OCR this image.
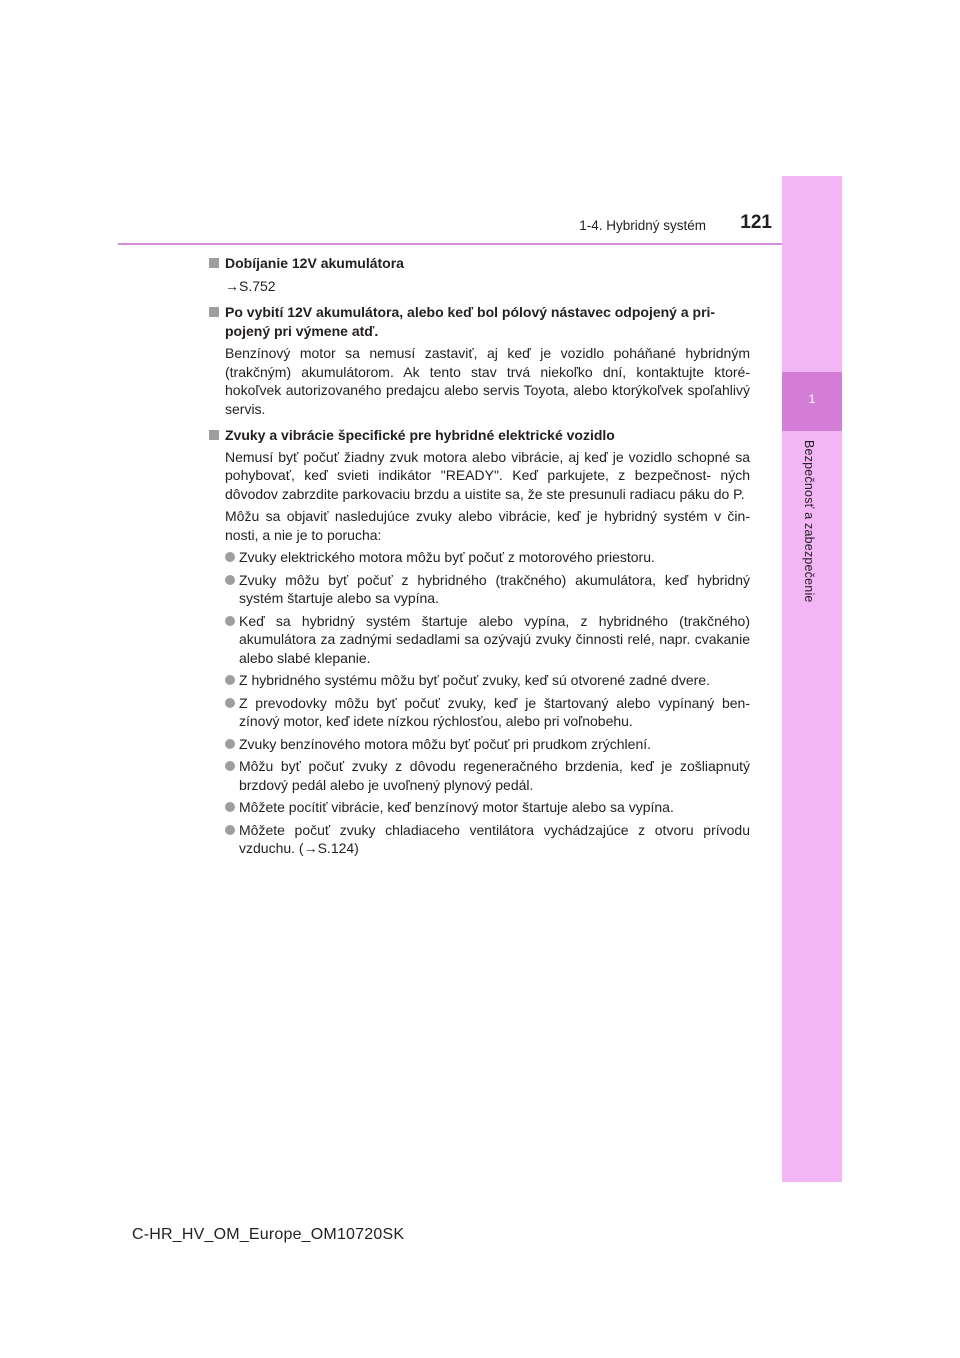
1-4. Hybridný systém 121
1
Bezpečnosť a zabezpečenie
Dobíjanie 12V akumulátora
→S.752
Po vybití 12V akumulátora, alebo keď bol pólový nástavec odpojený a pri- pojený pri výmene atď.
Benzínový motor sa nemusí zastaviť, aj keď je vozidlo poháňané hybridným (trakčným) akumulátorom. Ak tento stav trvá niekoľko dní, kontaktujte ktoré- hokoľvek autorizovaného predajcu alebo servis Toyota, alebo ktorýkoľvek spoľahlivý servis.
Zvuky a vibrácie špecifické pre hybridné elektrické vozidlo
Nemusí byť počuť žiadny zvuk motora alebo vibrácie, aj keď je vozidlo schopné sa pohybovať, keď svieti indikátor "READY". Keď parkujete, z bezpečnost- ných dôvodov zabrzdite parkovaciu brzdu a uistite sa, že ste presunuli radiacu páku do P.
Môžu sa objaviť nasledujúce zvuky alebo vibrácie, keď je hybridný systém v čin- nosti, a nie je to porucha:
Zvuky elektrického motora môžu byť počuť z motorového priestoru.
Zvuky môžu byť počuť z hybridného (trakčného) akumulátora, keď hybridný systém štartuje alebo sa vypína.
Keď sa hybridný systém štartuje alebo vypína, z hybridného (trakčného) akumulátora za zadnými sedadlami sa ozývajú zvuky činnosti relé, napr. cvakanie alebo slabé klepanie.
Z hybridného systému môžu byť počuť zvuky, keď sú otvorené zadné dvere.
Z prevodovky môžu byť počuť zvuky, keď je štartovaný alebo vypínaný ben- zínový motor, keď idete nízkou rýchlosťou, alebo pri voľnobehu.
Zvuky benzínového motora môžu byť počuť pri prudkom zrýchlení.
Môžu byť počuť zvuky z dôvodu regeneračného brzdenia, keď je zošliapnutý brzdový pedál alebo je uvoľnený plynový pedál.
Môžete pocítiť vibrácie, keď benzínový motor štartuje alebo sa vypína.
Môžete počuť zvuky chladiaceho ventilátora vychádzajúce z otvoru prívodu vzduchu. (→S.124)
C-HR_HV_OM_Europe_OM10720SK
